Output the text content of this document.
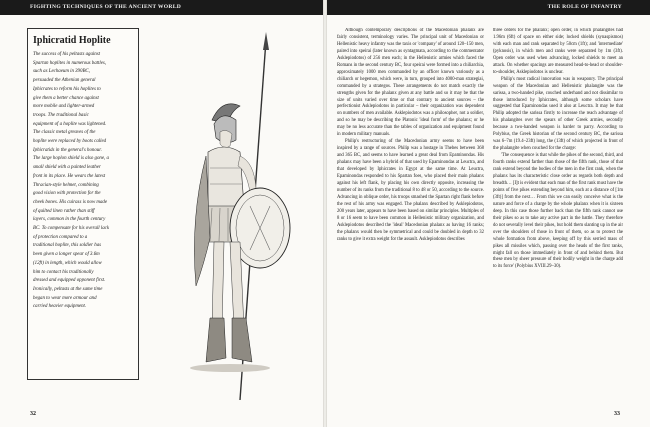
FIGHTING TECHNIQUES OF THE ANCIENT WORLD
Iphicratid Hoplite

The success of his peltasts against
Spartan hoplites in numerous battles,
such as Lechaeum in 390BC,
persuaded the Athenian general
Iphicrates to reform his hoplites to
give them a better chance against
more mobile and lighter-armed
troops. The traditional basic
equipment of a hoplite was lightened.
The classic metal greaves of the
hoplite were replaced by boots called
Iphicratids in the general's honour.
The large hoplon shield is also gone, a
small shield with a painted leather
front in its place. He wears the latest
Thracian-style helmet, combining
good vision with protection for the
cheek bones. His cuirass is now made
of quilted linen rather than stiff
layers, common in the fourth century
BC. To compensate for his overall lack
of protection compared to a
traditional hoplite, this soldier has
been given a longer spear of 3.6m
(12ft) in length, which would allow
him to contact his traditionally
dressed and equipped opponent first.
Ironically, peltasts at the same time
began to wear more armour and
carried heavier equipment.

32
THE ROLE OF INFANTRY

Although contemporary descriptions of the Macedonian phalanx are fairly consistent, terminology varies. The principal unit of Macedonian or Hellenistic heavy infantry was the taxis or 'company' of around 120–150 men, paired into speirai (later known as syntagmata, according to the commentator Asklepiodotos) of 256 men each; in the Hellenistic armies which faced the Romans in the second century BC, four speirai were formed into a chiliarchia, approximately 1000 men commanded by an officer known variously as a chiliarch or hegemon, which were, in turn, grouped into 4000-man strategiai, commanded by a strategos. These arrangements do not match exactly the strengths given for the phalanx given at any battle and so it may be that the size of units varied over time or that contrary to ancient sources – the perfectionist Asklepiodotos in particular – their organization was dependent on numbers of men available. Asklepiodotos was a philosopher, not a soldier, and so he may be describing the Platonic 'ideal form' of the phalanx; or he may be no less accurate than the tables of organization and equipment found in modern military manuals.

Philip's restructuring of the Macedonian army seems to have been inspired by a range of sources. Philip was a hostage in Thebes between 368 and 365 BC, and seems to have learned a great deal from Epaminondas. His phalanx may have been a hybrid of that used by Epaminondas at Leuctra, and that developed by Iphicrates in Egypt at the same time. At Leuctra, Epaminondas responded to his Spartan foes, who placed their main phalanx against his left flank, by placing his own directly opposite, increasing the number of its ranks from the traditional 8 to 48 or 50, according to the source. Advancing in oblique order, his troops smashed the Spartan right flank before the rest of his army was engaged. The phalanx described by Asklepiodotos, 200 years later, appears to have been based on similar principles. Multiples of 8 or 16 seem to have been common in Hellenistic military organization, and Asklepiodotos described the 'ideal' Macedonian phalanx as having 16 ranks; the phalanx would then be symmetrical and could be doubled in depth to 32 ranks to give it extra weight for the assault. Asklepiodotos describes

three orders for the phalanx; open order, in which phalangites had 1.96m (6ft) of space on either side; locked shields (synaspismos) with each man and rank separated by 50cm (1ft); and 'intermediate' (pyknosis), in which men and ranks were separated by 1m (3ft). Open order was used when advancing, locked shields to meet an attack. On whether spacings are measured head-to-head or shoulder-to-shoulder, Asklepiodotos is unclear.

Philip's most radical innovation was in weaponry. The principal weapon of the Macedonian and Hellenistic phalangite was the sarissa, a two-handed pike, couched underhand and not dissimilar to those introduced by Iphicrates, although some scholars have suggested that Epaminondas used it also at Leuctra. It may be that Philip adopted the sarissa firstly to increase the reach advantage of his phalangites over the spears of other Greek armies, secondly because a two-handed weapon is harder to parry. According to Polybius, the Greek historian of the second century BC, the sarissa was 6–7m (19.4–23ft) long, the (13ft) of which projected in front of the phalangite when couched for the charge:

'The consequence is that while the pikes of the second, third, and fourth ranks extend farther than those of the fifth rank, those of that rank extend beyond the bodies of the men in the first rank, when the phalanx has its characteristic close order as regards both depth and breadth… [I]t is evident that each man of the first rank must have the points of five pikes extending beyond him, each at a distance of [1m (3ft)] from the next… From this we can easily conceive what is the nature and force of a charge by the whole phalanx when it is sixteen deep. In this case those further back than the fifth rank cannot use their pikes so as to take any active part in the battle. They therefore do not severally level their pikes, but hold them slanting up in the air over the shoulders of those in front of them, so as to protect the whole formation from above, keeping off by this serried mass of pikes all missiles which, passing over the heads of the first ranks, might fall on those immediately in front of and behind them. But these men by sheer pressure of their bodily weight in the charge add to its force' (Polybius XVIII.29–30).

33
